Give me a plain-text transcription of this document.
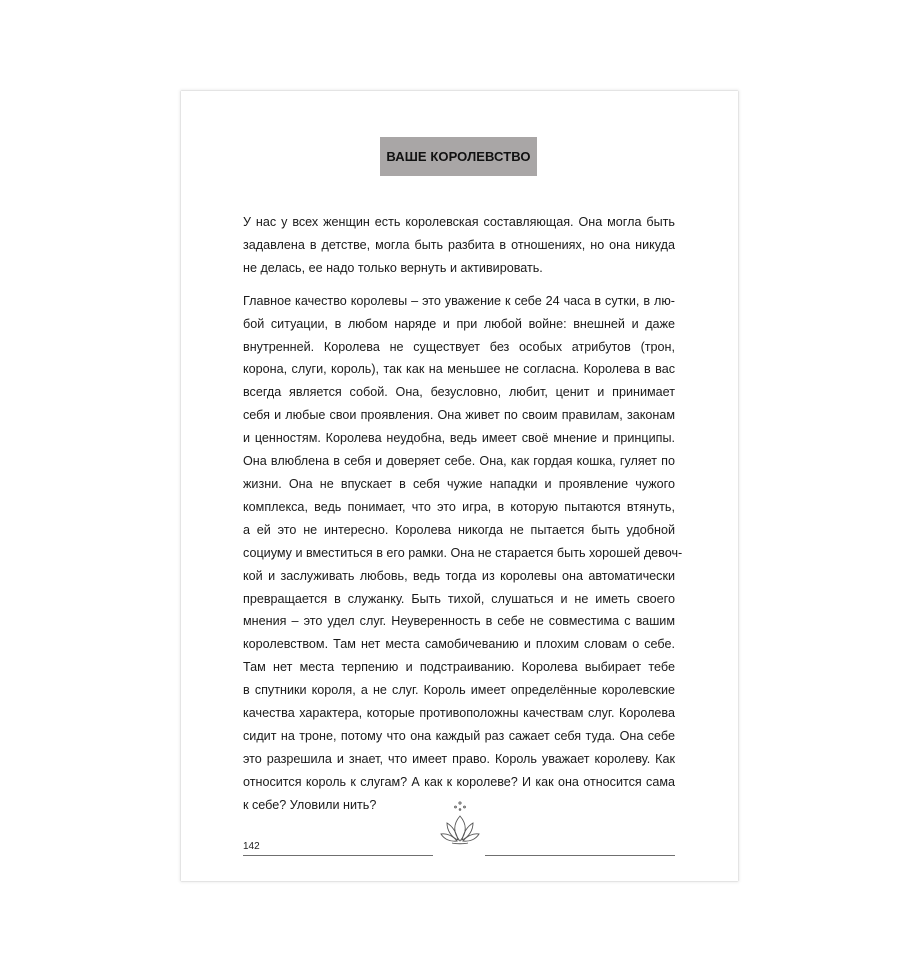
ВАШЕ КОРОЛЕВСТВО
У нас у всех женщин есть королевская составляющая. Она могла быть
задавлена в детстве, могла быть разбита в отношениях, но она никуда
не делась, ее надо только вернуть и активировать.
Главное качество королевы – это уважение к себе 24 часа в сутки, в лю-
бой ситуации, в любом наряде и при любой войне: внешней и даже
внутренней. Королева не существует без особых атрибутов (трон,
корона, слуги, король), так как на меньшее не согласна. Королева в вас
всегда является собой. Она, безусловно, любит, ценит и принимает
себя и любые свои проявления. Она живет по своим правилам, законам
и ценностям. Королева неудобна, ведь имеет своё мнение и принципы.
Она влюблена в себя и доверяет себе. Она, как гордая кошка, гуляет по
жизни. Она не впускает в себя чужие нападки и проявление чужого
комплекса, ведь понимает, что это игра, в которую пытаются втянуть,
а ей это не интересно. Королева никогда не пытается быть удобной
социуму и вместиться в его рамки. Она не старается быть хорошей девоч-
кой и заслуживать любовь, ведь тогда из королевы она автоматически
превращается в служанку. Быть тихой, слушаться и не иметь своего
мнения – это удел слуг. Неуверенность в себе не совместима с вашим
королевством. Там нет места самобичеванию и плохим словам о себе.
Там нет места терпению и подстраиванию. Королева выбирает тебе
в спутники короля, а не слуг. Король имеет определённые королевские
качества характера, которые противоположны качествам слуг. Королева
сидит на троне, потому что она каждый раз сажает себя туда. Она себе
это разрешила и знает, что имеет право. Король уважает королеву. Как
относится король к слугам? А как к королеве? И как она относится сама
к себе? Уловили нить?
142
